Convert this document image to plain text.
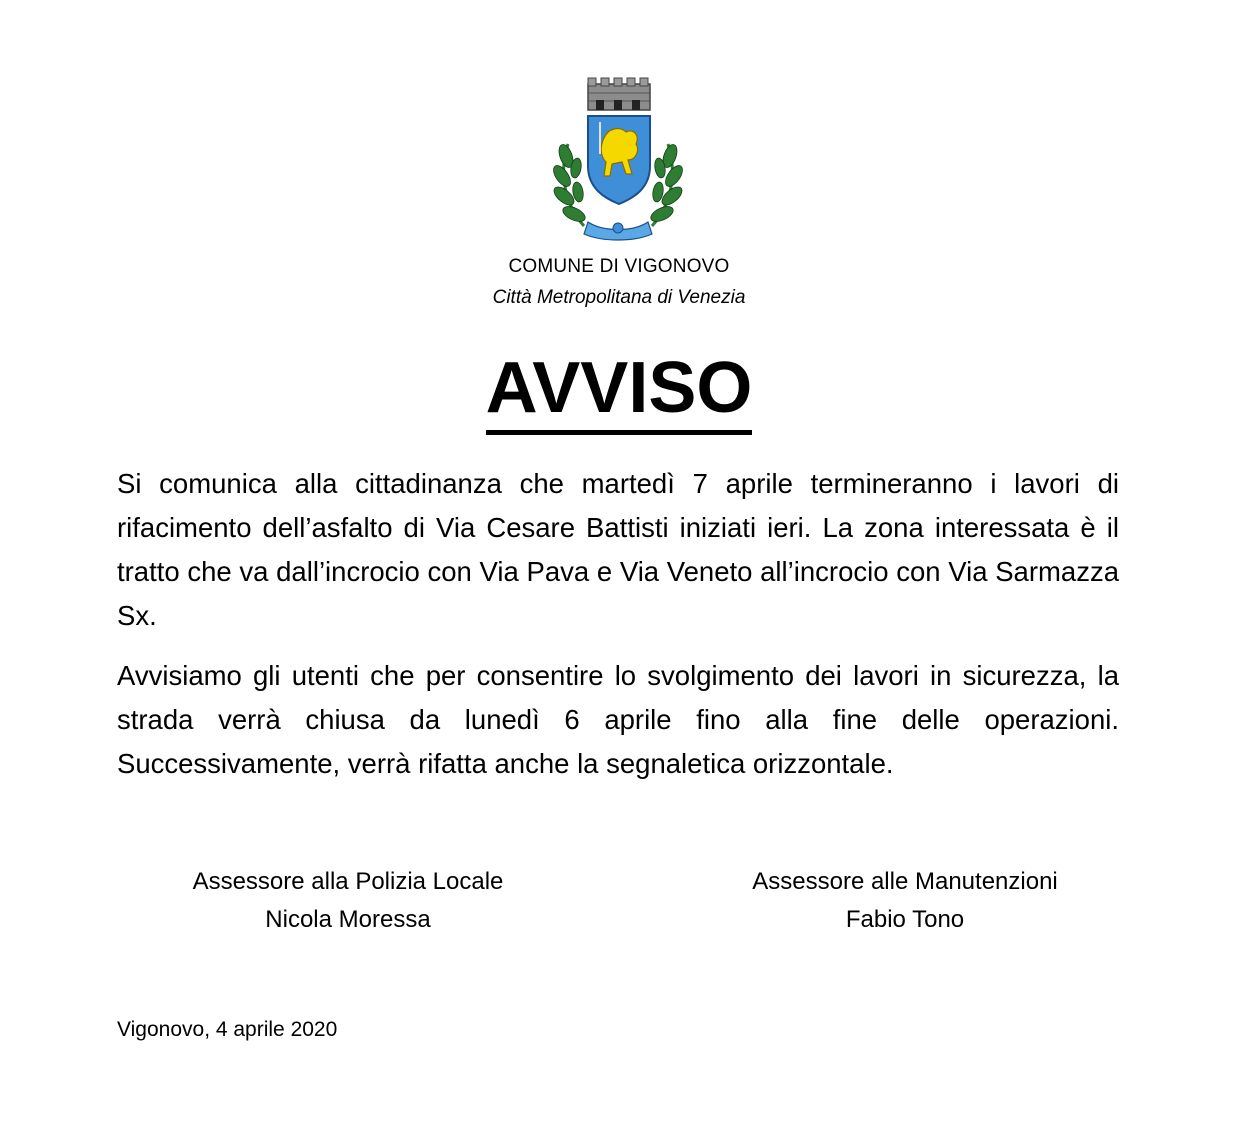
COMUNE DI VIGONOVO
Città Metropolitana di Venezia
AVVISO
Si comunica alla cittadinanza che martedì 7 aprile termineranno i lavori di rifacimento dell’asfalto di Via Cesare Battisti iniziati ieri. La zona interessata è il tratto che va dall’incrocio con Via Pava e Via Veneto all’incrocio con Via Sarmazza Sx.
Avvisiamo gli utenti che per consentire lo svolgimento dei lavori in sicurezza, la strada verrà chiusa da lunedì 6 aprile fino alla fine delle operazioni. Successivamente, verrà rifatta anche la segnaletica orizzontale.
Assessore alla Polizia Locale
Nicola Moressa
Assessore alle Manutenzioni
Fabio Tono
Vigonovo, 4 aprile 2020
